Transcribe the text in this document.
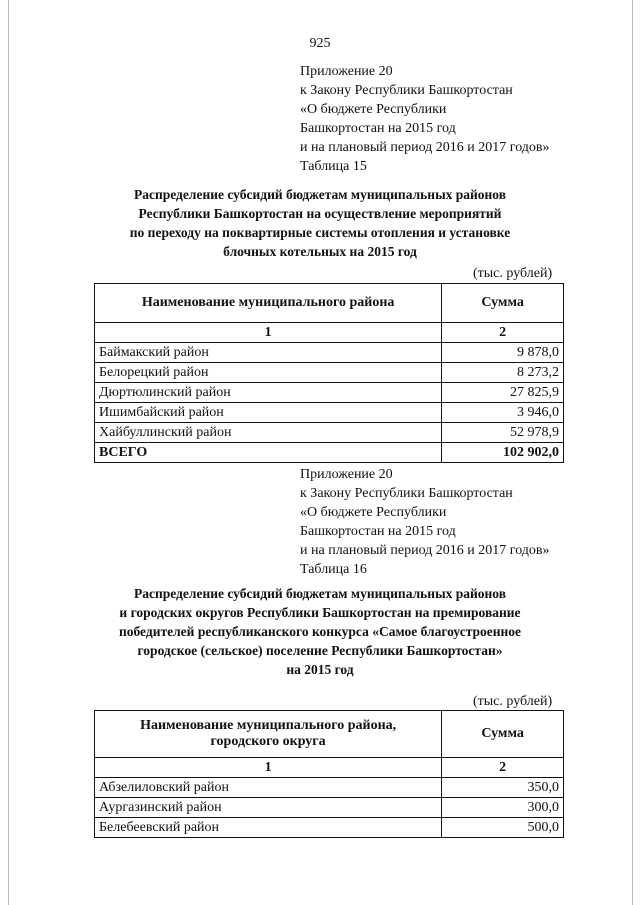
925
Приложение 20
к Закону Республики Башкортостан
«О бюджете Республики
Башкортостан на 2015 год
и на плановый период 2016 и 2017 годов»
Таблица 15
Распределение субсидий бюджетам муниципальных районов
Республики Башкортостан на осуществление мероприятий
по переходу на поквартирные системы отопления и установке
блочных котельных на 2015 год
(тыс. рублей)
Наименование муниципального района	Сумма
1	2
Баймакский район	9 878,0
Белорецкий район	8 273,2
Дюртюлинский район	27 825,9
Ишимбайский район	3 946,0
Хайбуллинский район	52 978,9
ВСЕГО	102 902,0
Приложение 20
к Закону Республики Башкортостан
«О бюджете Республики
Башкортостан на 2015 год
и на плановый период 2016 и 2017 годов»
Таблица 16
Распределение субсидий бюджетам муниципальных районов
и городских округов Республики Башкортостан на премирование
победителей республиканского конкурса «Самое благоустроенное
городское (сельское) поселение Республики Башкортостан»
на 2015 год
(тыс. рублей)
Наименование муниципального района,
городского округа	Сумма
1	2
Абзелиловский район	350,0
Аургазинский район	300,0
Белебеевский район	500,0
